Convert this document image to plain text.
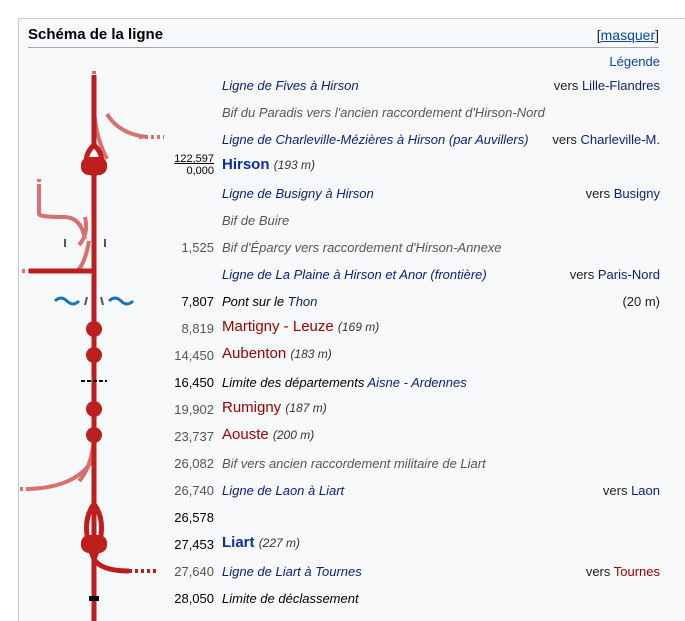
Schéma de la ligne	[masquer]
Légende
Ligne de Fives à Hirson	vers Lille-Flandres
Bif du Paradis vers l'ancien raccordement d'Hirson-Nord
Ligne de Charleville-Mézières à Hirson (par Auvillers) vers Charleville-M.
122,597
0,000 Hirson (193 m)
Ligne de Busigny à Hirson	vers Busigny
Bif de Buire
1,525 Bif d'Éparcy vers raccordement d'Hirson-Annexe
Ligne de La Plaine à Hirson et Anor (frontière)	vers Paris-Nord
7,807 Pont sur le Thon	(20 m)
8,819 Martigny - Leuze (169 m)
14,450 Aubenton (183 m)
16,450 Limite des départements Aisne - Ardennes
19,902 Rumigny (187 m)
23,737 Aouste (200 m)
26,082 Bif vers ancien raccordement militaire de Liart
26,740 Ligne de Laon à Liart	vers Laon
26,578
27,453 Liart (227 m)
27,640 Ligne de Liart à Tournes	vers Tournes
28,050 Limite de déclassement
